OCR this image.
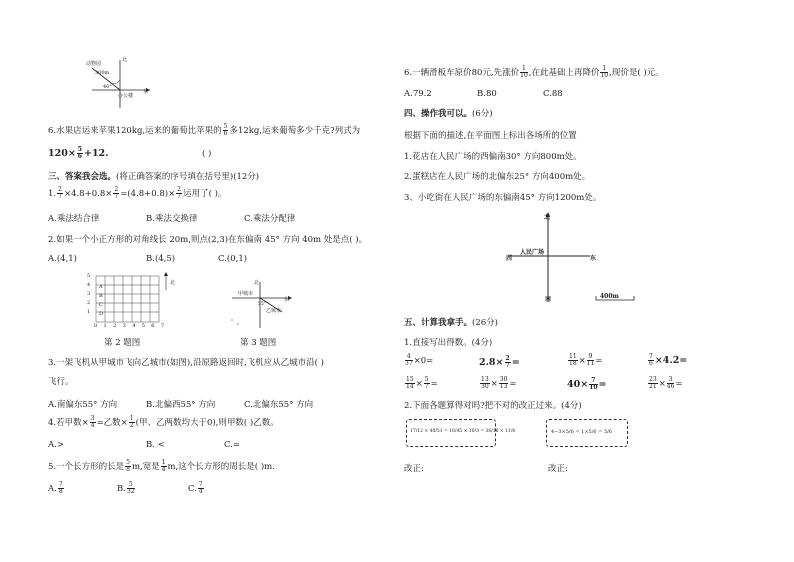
动物园
300m
40°
北
东
办公楼
6.水果店运来苹果120kg,运来的葡萄比苹果的 $\frac{5}{6}$ 多12kg,运来葡萄多少千克?列式为
$120\times \frac{5}{6} +12$.	( )
三、答案我会选。(将正确答案的序号填在括号里)(12分)
1. $\frac{2}{7} \times 4.8+0.8\times \frac{2}{7} =(4.8+0.8)\times \frac{2}{7}$ 运用了( )。
A.乘法结合律	B.乘法交换律	C.乘法分配律
2.如果一个小正方形的对角线长 20m,则点(2,3)在东偏南 45° 方向 40m 处是点( )。
A.(4,1)	B.(4,5)	C.(0,1)
5
4
3
2
1
0 1 2 3 4 5 6 7
北
A
B
C
D
甲城市
乙城市
北
东
55°
第 2 题图	第 3 题图
3.一架飞机从甲城市飞向乙城市(如图),沿原路返回时,飞机应从乙城市沿( )
飞行。
A.南偏东55° 方向	B.北偏西55° 方向	C.北偏东55° 方向
4.若甲数× $\frac{3}{4}$ =乙数× $\frac{1}{2}$ (甲、乙两数均大于0),则甲数( )乙数。
A.>	B. <	C.=
5.一个长方形的长是 $\frac{5}{8} m$,宽是 $\frac{1}{4} m$,这个长方形的周长是( )m.
A. $\frac{7}{8}$	B. $\frac{5}{32}$	C. $\frac{7}{4}$
6.一辆滑板车原价80元,先涨价 $\frac{1}{10}$ ,在此基础上再降价 $\frac{1}{10}$ ,现价是( )元。
A.79.2	B.80	C.88
四、操作我可以。(6分)
根据下面的描述,在平面图上标出各场所的位置
1.花店在人民广场的西偏南30° 方向800m处。
2.蛋糕店在人民广场的北偏东25° 方向400m处。
3、小吃街在人民广场的东偏南45° 方向1200m处。
北
南
东
西
人民广场
400m
五、计算我拿手。(26分)
1.直接写出得数。(4分)
$\frac{4}{37} \times 0=$	$2.8\times \frac{2}{7}$ =	$\frac{11}{18} \times \frac{9}{11}$ =	$\frac{7}{6} \times 4.2=$
$\frac{15}{14} \times \frac{5}{7}$ =	$\frac{13}{30} \times \frac{30}{13}$ =	$40\times \frac{7}{10}$ =	$\frac{23}{21} \times \frac{3}{46}$ =
2.下面各题算得对吗?把不对的改正过来。(4分)
17/12 × 40/51 = 16/45 × 10/3 = 36/16 × 11/6	4−3×5/6 = 1×5/6 = 5/6
改正:	改正:
